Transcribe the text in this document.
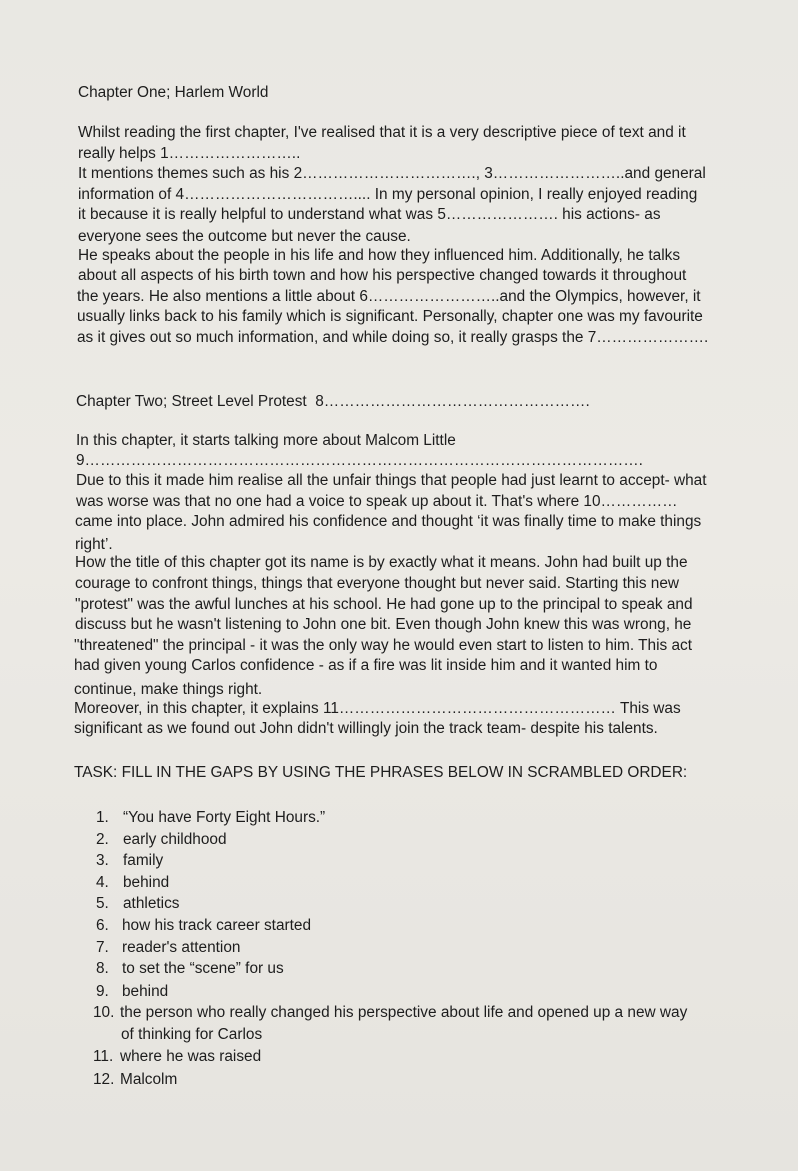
Chapter One; Harlem World
Whilst reading the first chapter, I've realised that it is a very descriptive piece of text and it
really helps 1……………………..
It mentions themes such as his 2……………………………., 3……………………..and general
information of 4…………………………….... In my personal opinion, I really enjoyed reading
it because it is really helpful to understand what was 5…………………. his actions- as
everyone sees the outcome but never the cause.
He speaks about the people in his life and how they influenced him. Additionally, he talks
about all aspects of his birth town and how his perspective changed towards it throughout
the years. He also mentions a little about 6……………………..and the Olympics, however, it
usually links back to his family which is significant. Personally, chapter one was my favourite
as it gives out so much information, and while doing so, it really grasps the 7………………….
Chapter Two; Street Level Protest  8…………………………………………….
In this chapter, it starts talking more about Malcom Little
9……………………………………………………………………………………………….
Due to this it made him realise all the unfair things that people had just learnt to accept- what
was worse was that no one had a voice to speak up about it. That's where 10……………
came into place. John admired his confidence and thought ‘it was finally time to make things
right’.
How the title of this chapter got its name is by exactly what it means. John had built up the
courage to confront things, things that everyone thought but never said. Starting this new
"protest" was the awful lunches at his school. He had gone up to the principal to speak and
discuss but he wasn't listening to John one bit. Even though John knew this was wrong, he
"threatened" the principal - it was the only way he would even start to listen to him. This act
had given young Carlos confidence - as if a fire was lit inside him and it wanted him to
continue, make things right.
Moreover, in this chapter, it explains 11……………………………………………… This was
significant as we found out John didn't willingly join the track team- despite his talents.
TASK: FILL IN THE GAPS BY USING THE PHRASES BELOW IN SCRAMBLED ORDER:
1. “You have Forty Eight Hours.”
2. early childhood
3. family
4. behind
5. athletics
6. how his track career started
7. reader's attention
8. to set the “scene” for us
9. behind
10. the person who really changed his perspective about life and opened up a new way
of thinking for Carlos
11. where he was raised
12. Malcolm
